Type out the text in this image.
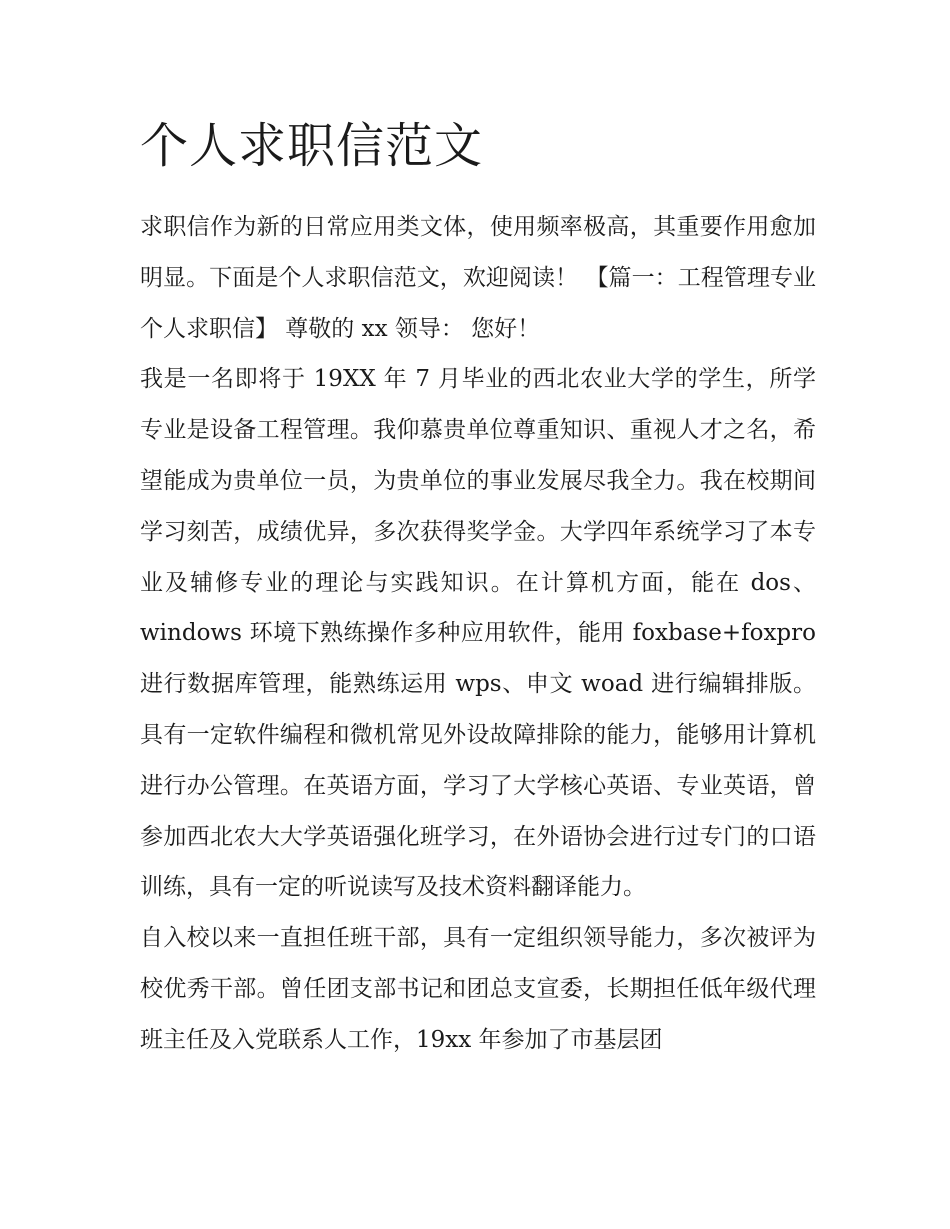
个人求职信范文

求职信作为新的日常应用类文体，使用频率极高，其重要作用愈加明显。下面是个人求职信范文，欢迎阅读！ 【篇一：工程管理专业个人求职信】 尊敬的 xx 领导： 您好！

我是一名即将于 19XX 年 7 月毕业的西北农业大学的学生，所学专业是设备工程管理。我仰慕贵单位尊重知识、重视人才之名，希望能成为贵单位一员，为贵单位的事业发展尽我全力。我在校期间学习刻苦，成绩优异，多次获得奖学金。大学四年系统学习了本专业及辅修专业的理论与实践知识。在计算机方面，能在 dos、windows 环境下熟练操作多种应用软件，能用 foxbase+foxpro 进行数据库管理，能熟练运用 wps、申文 woad 进行编辑排版。具有一定软件编程和微机常见外设故障排除的能力，能够用计算机进行办公管理。在英语方面，学习了大学核心英语、专业英语，曾参加西北农大大学英语强化班学习，在外语协会进行过专门的口语训练，具有一定的听说读写及技术资料翻译能力。

自入校以来一直担任班干部，具有一定组织领导能力，多次被评为校优秀干部。曾任团支部书记和团总支宣委，长期担任低年级代理班主任及入党联系人工作，19xx 年参加了市基层团
